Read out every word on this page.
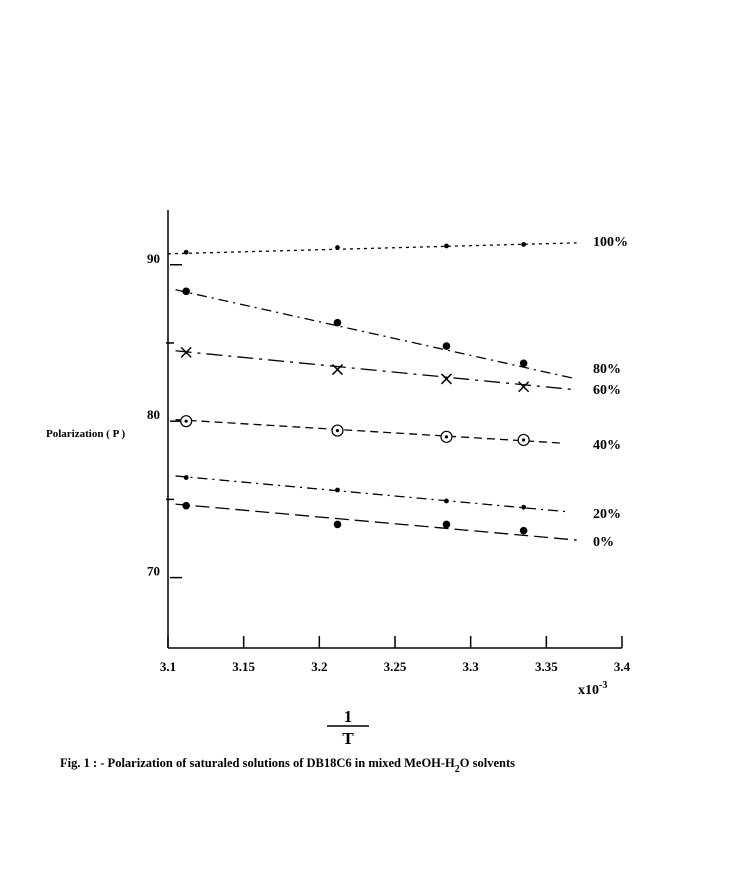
3.1	3.15	3.2	3.25	3.3	3.35	3.4
70
80
90
Polarization ( P )
$x10^{-3}$
1
T
Fig. 1 : - Polarization of saturaled solutions of DB18C6 in mixed MeOH-$H_2O$ solvents
100%
80%
60%
40%
20%
0%
